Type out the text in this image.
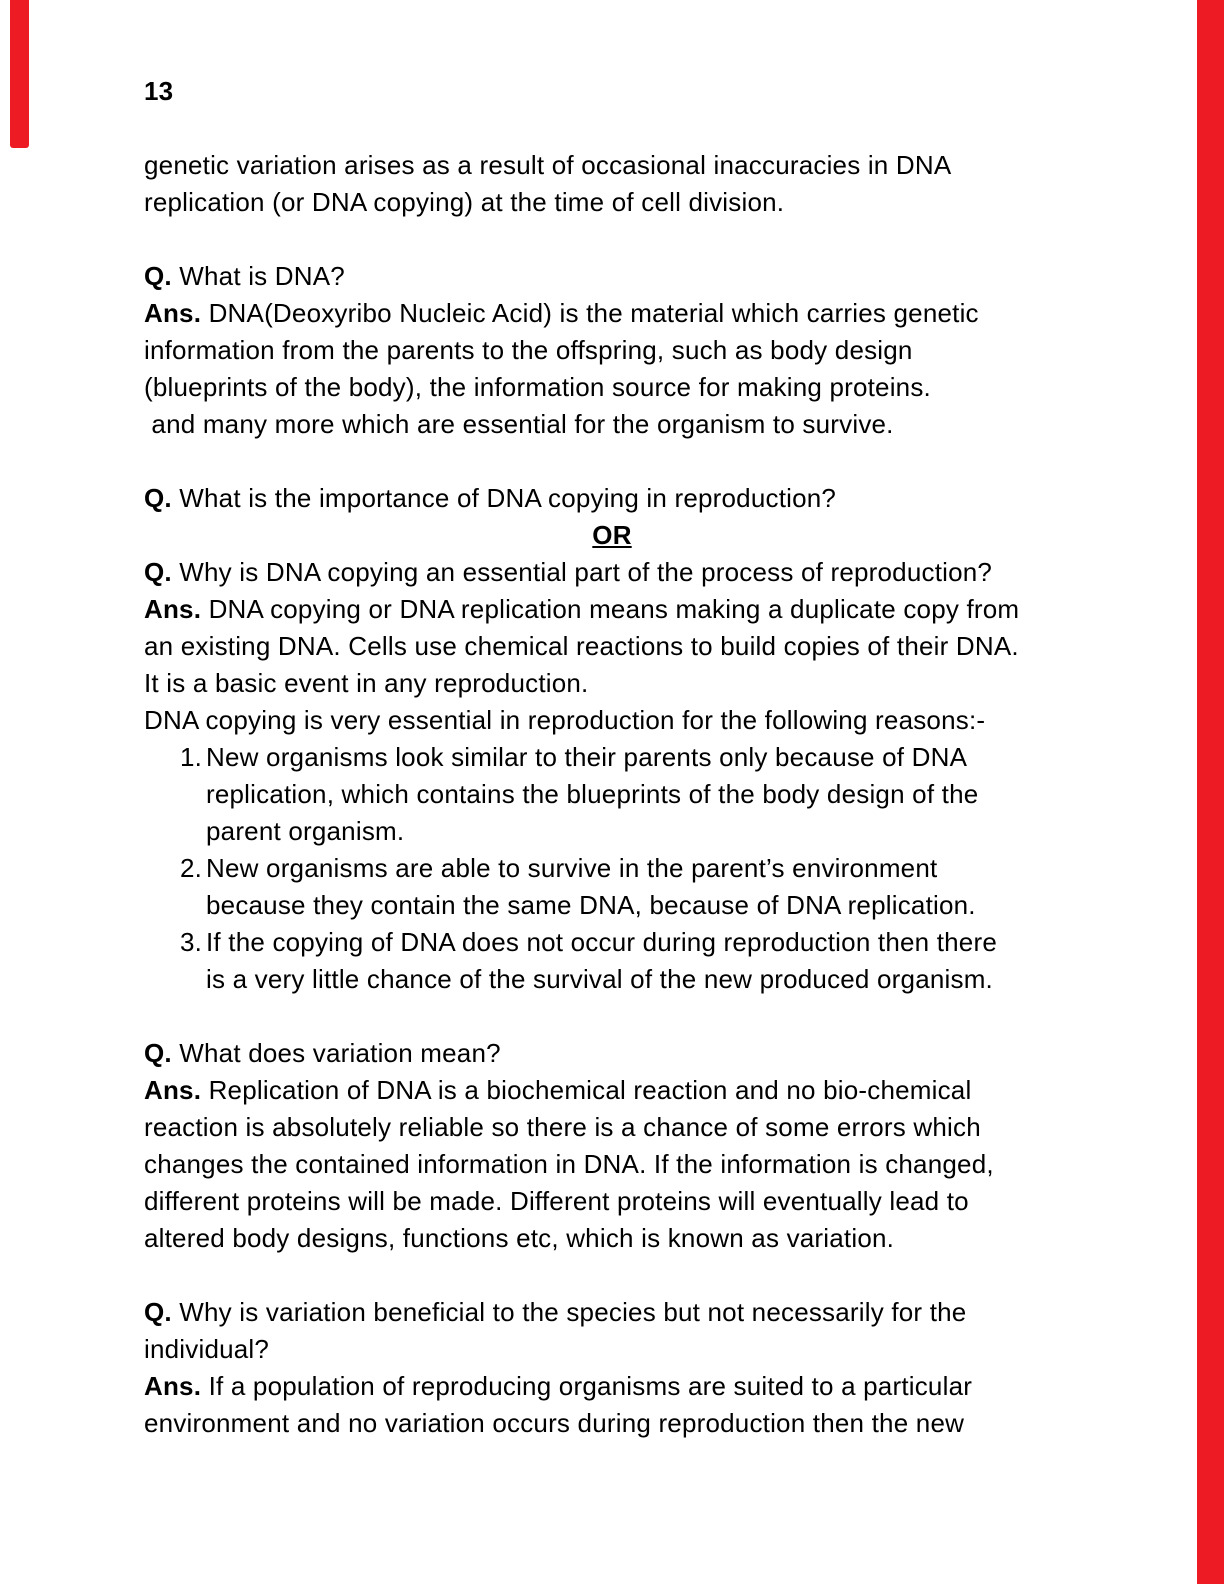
13
genetic variation arises as a result of occasional inaccuracies in DNA
replication (or DNA copying) at the time of cell division.
Q. What is DNA?
Ans. DNA(Deoxyribo Nucleic Acid) is the material which carries genetic
information from the parents to the offspring, such as body design
(blueprints of the body), the information source for making proteins.
and many more which are essential for the organism to survive.
Q. What is the importance of DNA copying in reproduction?
OR
Q. Why is DNA copying an essential part of the process of reproduction?
Ans. DNA copying or DNA replication means making a duplicate copy from
an existing DNA. Cells use chemical reactions to build copies of their DNA.
It is a basic event in any reproduction.
DNA copying is very essential in reproduction for the following reasons:-
1. New organisms look similar to their parents only because of DNA
replication, which contains the blueprints of the body design of the
parent organism.
2. New organisms are able to survive in the parent’s environment
because they contain the same DNA, because of DNA replication.
3. If the copying of DNA does not occur during reproduction then there
is a very little chance of the survival of the new produced organism.
Q. What does variation mean?
Ans. Replication of DNA is a biochemical reaction and no bio-chemical
reaction is absolutely reliable so there is a chance of some errors which
changes the contained information in DNA. If the information is changed,
different proteins will be made. Different proteins will eventually lead to
altered body designs, functions etc, which is known as variation.
Q. Why is variation beneficial to the species but not necessarily for the
individual?
Ans. If a population of reproducing organisms are suited to a particular
environment and no variation occurs during reproduction then the new
